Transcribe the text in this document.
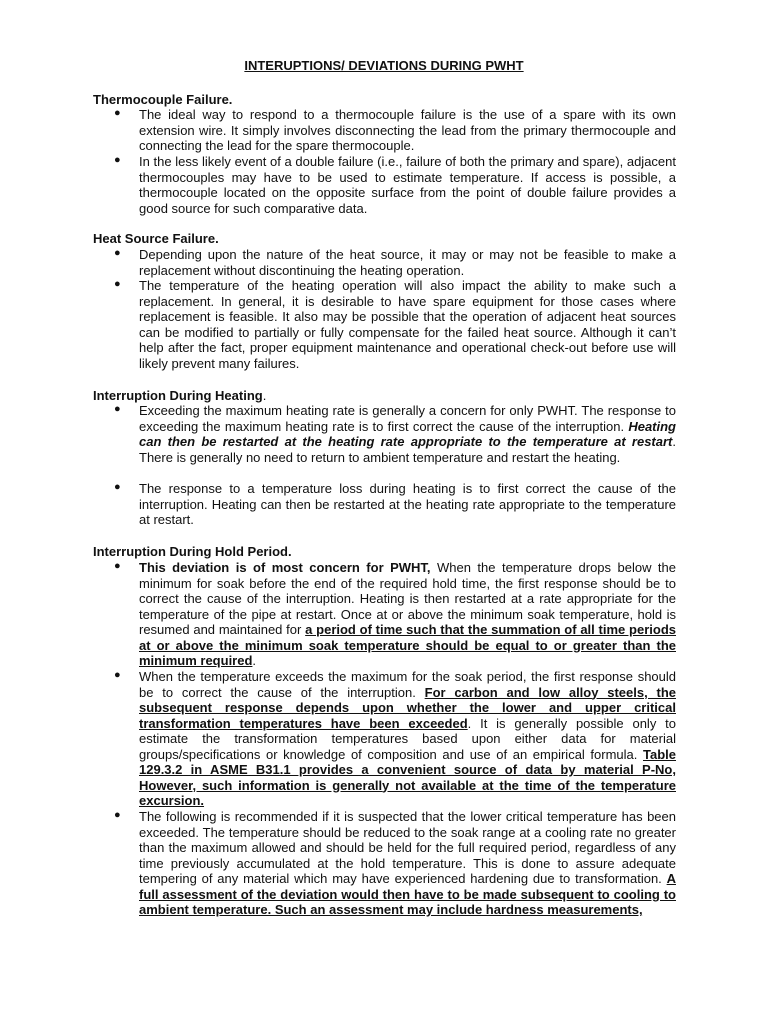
INTERUPTIONS/ DEVIATIONS DURING PWHT
Thermocouple Failure.
● The ideal way to respond to a thermocouple failure is the use of a spare with its own extension wire. It simply involves disconnecting the lead from the primary thermocouple and connecting the lead for the spare thermocouple.
● In the less likely event of a double failure (i.e., failure of both the primary and spare), adjacent thermocouples may have to be used to estimate temperature. If access is possible, a thermocouple located on the opposite surface from the point of double failure provides a good source for such comparative data.
Heat Source Failure.
● Depending upon the nature of the heat source, it may or may not be feasible to make a replacement without discontinuing the heating operation.
● The temperature of the heating operation will also impact the ability to make such a replacement. In general, it is desirable to have spare equipment for those cases where replacement is feasible. It also may be possible that the operation of adjacent heat sources can be modified to partially or fully compensate for the failed heat source. Although it can’t help after the fact, proper equipment maintenance and operational check-out before use will likely prevent many failures.
Interruption During Heating.
● Exceeding the maximum heating rate is generally a concern for only PWHT. The response to exceeding the maximum heating rate is to first correct the cause of the interruption. Heating can then be restarted at the heating rate appropriate to the temperature at restart. There is generally no need to return to ambient temperature and restart the heating.
● The response to a temperature loss during heating is to first correct the cause of the interruption. Heating can then be restarted at the heating rate appropriate to the temperature at restart.
Interruption During Hold Period.
● This deviation is of most concern for PWHT, When the temperature drops below the minimum for soak before the end of the required hold time, the first response should be to correct the cause of the interruption. Heating is then restarted at a rate appropriate for the temperature of the pipe at restart. Once at or above the minimum soak temperature, hold is resumed and maintained for a period of time such that the summation of all time periods at or above the minimum soak temperature should be equal to or greater than the minimum required.
● When the temperature exceeds the maximum for the soak period, the first response should be to correct the cause of the interruption. For carbon and low alloy steels, the subsequent response depends upon whether the lower and upper critical transformation temperatures have been exceeded. It is generally possible only to estimate the transformation temperatures based upon either data for material groups/specifications or knowledge of composition and use of an empirical formula. Table 129.3.2 in ASME B31.1 provides a convenient source of data by material P-No, However, such information is generally not available at the time of the temperature excursion.
● The following is recommended if it is suspected that the lower critical temperature has been exceeded. The temperature should be reduced to the soak range at a cooling rate no greater than the maximum allowed and should be held for the full required period, regardless of any time previously accumulated at the hold temperature. This is done to assure adequate tempering of any material which may have experienced hardening due to transformation. A full assessment of the deviation would then have to be made subsequent to cooling to ambient temperature. Such an assessment may include hardness measurements,
